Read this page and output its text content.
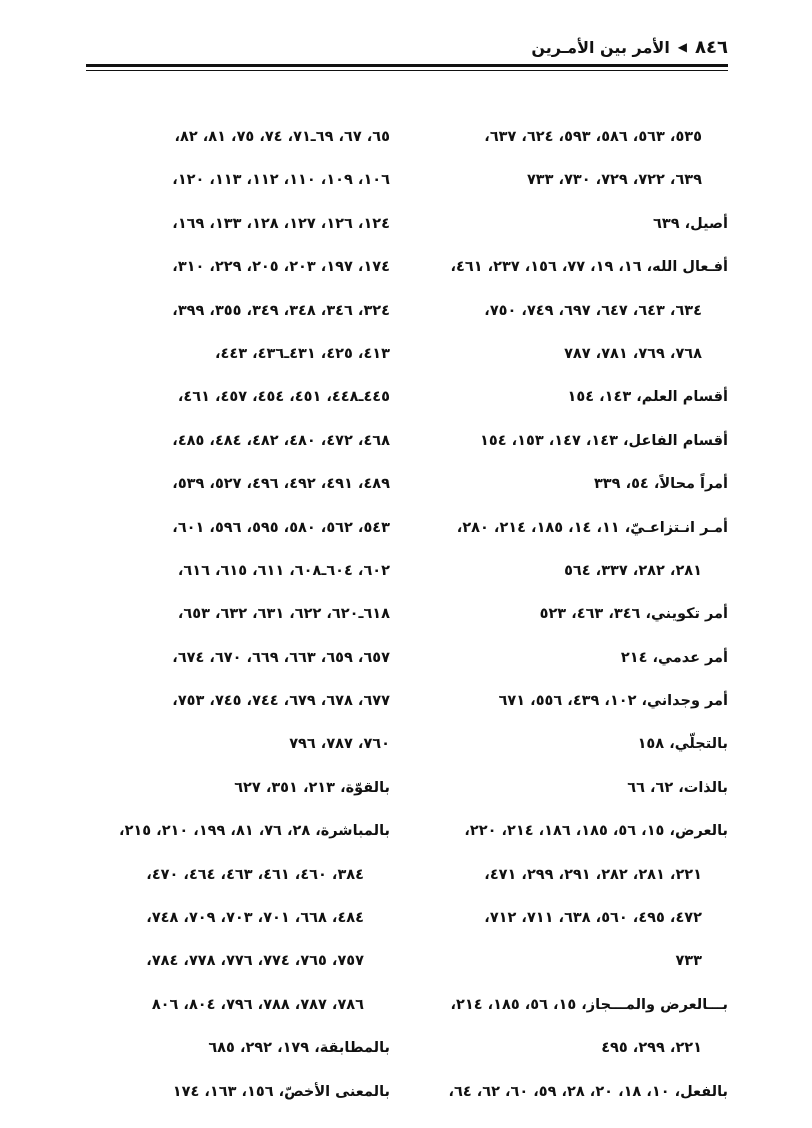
٨٤٦
◀
الأمر بين الأمـرين
٥٣٥، ٥٦٣، ٥٨٦، ٥٩٣، ٦٢٤، ٦٣٧،
٦٣٩، ٧٢٢، ٧٢٩، ٧٣٠، ٧٣٣
أصيل، ٦٣٩
أفـعال الله، ١٦، ١٩، ٧٧، ١٥٦، ٢٣٧، ٤٦١،
٦٣٤، ٦٤٣، ٦٤٧، ٦٩٧، ٧٤٩، ٧٥٠،
٧٦٨، ٧٦٩، ٧٨١، ٧٨٧
أقسام العلم، ١٤٣، ١٥٤
أقسام الفاعل، ١٤٣، ١٤٧، ١٥٣، ١٥٤
أمراً محالاً، ٥٤، ٣٣٩
أمـر انـتزاعـيّ، ١١، ١٤، ١٨٥، ٢١٤، ٢٨٠،
٢٨١، ٢٨٢، ٣٣٧، ٥٦٤
أمر تكويني، ٣٤٦، ٤٦٣، ٥٢٣
أمر عدمي، ٢١٤
أمر وجداني، ١٠٢، ٤٣٩، ٥٥٦، ٦٧١
بالتجلّي، ١٥٨
بالذات، ٦٢، ٦٦
بالعرض، ١٥، ٥٦، ١٨٥، ١٨٦، ٢١٤، ٢٢٠،
٢٢١، ٢٨١، ٢٨٢، ٢٩١، ٢٩٩، ٤٧١،
٤٧٢، ٤٩٥، ٥٦٠، ٦٣٨، ٧١١، ٧١٢،
٧٣٣
بـــالعرض والمـــجاز، ١٥، ٥٦، ١٨٥، ٢١٤،
٢٢١، ٢٩٩، ٤٩٥
بالفعل، ١٠، ١٨، ٢٠، ٢٨، ٥٩، ٦٠، ٦٢، ٦٤،
٦٥، ٦٧، ٦٩ـ٧١، ٧٤، ٧٥، ٨١، ٨٢،
١٠٦، ١٠٩، ١١٠، ١١٢، ١١٣، ١٢٠،
١٢٤، ١٢٦، ١٢٧، ١٢٨، ١٣٣، ١٦٩،
١٧٤، ١٩٧، ٢٠٣، ٢٠٥، ٢٢٩، ٣١٠،
٣٢٤، ٣٤٦، ٣٤٨، ٣٤٩، ٣٥٥، ٣٩٩،
٤١٣، ٤٢٥، ٤٣١ـ٤٣٦، ٤٤٣،
٤٤٥ـ٤٤٨، ٤٥١، ٤٥٤، ٤٥٧، ٤٦١،
٤٦٨، ٤٧٢، ٤٨٠، ٤٨٢، ٤٨٤، ٤٨٥،
٤٨٩، ٤٩١، ٤٩٢، ٤٩٦، ٥٢٧، ٥٣٩،
٥٤٣، ٥٦٢، ٥٨٠، ٥٩٥، ٥٩٦، ٦٠١،
٦٠٢، ٦٠٤ـ٦٠٨، ٦١١، ٦١٥، ٦١٦،
٦١٨ـ٦٢٠، ٦٢٢، ٦٣١، ٦٣٢، ٦٥٣،
٦٥٧، ٦٥٩، ٦٦٣، ٦٦٩، ٦٧٠، ٦٧٤،
٦٧٧، ٦٧٨، ٦٧٩، ٧٤٤، ٧٤٥، ٧٥٣،
٧٦٠، ٧٨٧، ٧٩٦
بالقوّة، ٢١٣، ٣٥١، ٦٢٧
بالمباشرة، ٢٨، ٧٦، ٨١، ١٩٩، ٢١٠، ٢١٥،
٣٨٤، ٤٦٠، ٤٦١، ٤٦٣، ٤٦٤، ٤٧٠،
٤٨٤، ٦٦٨، ٧٠١، ٧٠٣، ٧٠٩، ٧٤٨،
٧٥٧، ٧٦٥، ٧٧٤، ٧٧٦، ٧٧٨، ٧٨٤،
٧٨٦، ٧٨٧، ٧٨٨، ٧٩٦، ٨٠٤، ٨٠٦
بالمطابقة، ١٧٩، ٢٩٢، ٦٨٥
بالمعنى الأخصّ، ١٥٦، ١٦٣، ١٧٤
